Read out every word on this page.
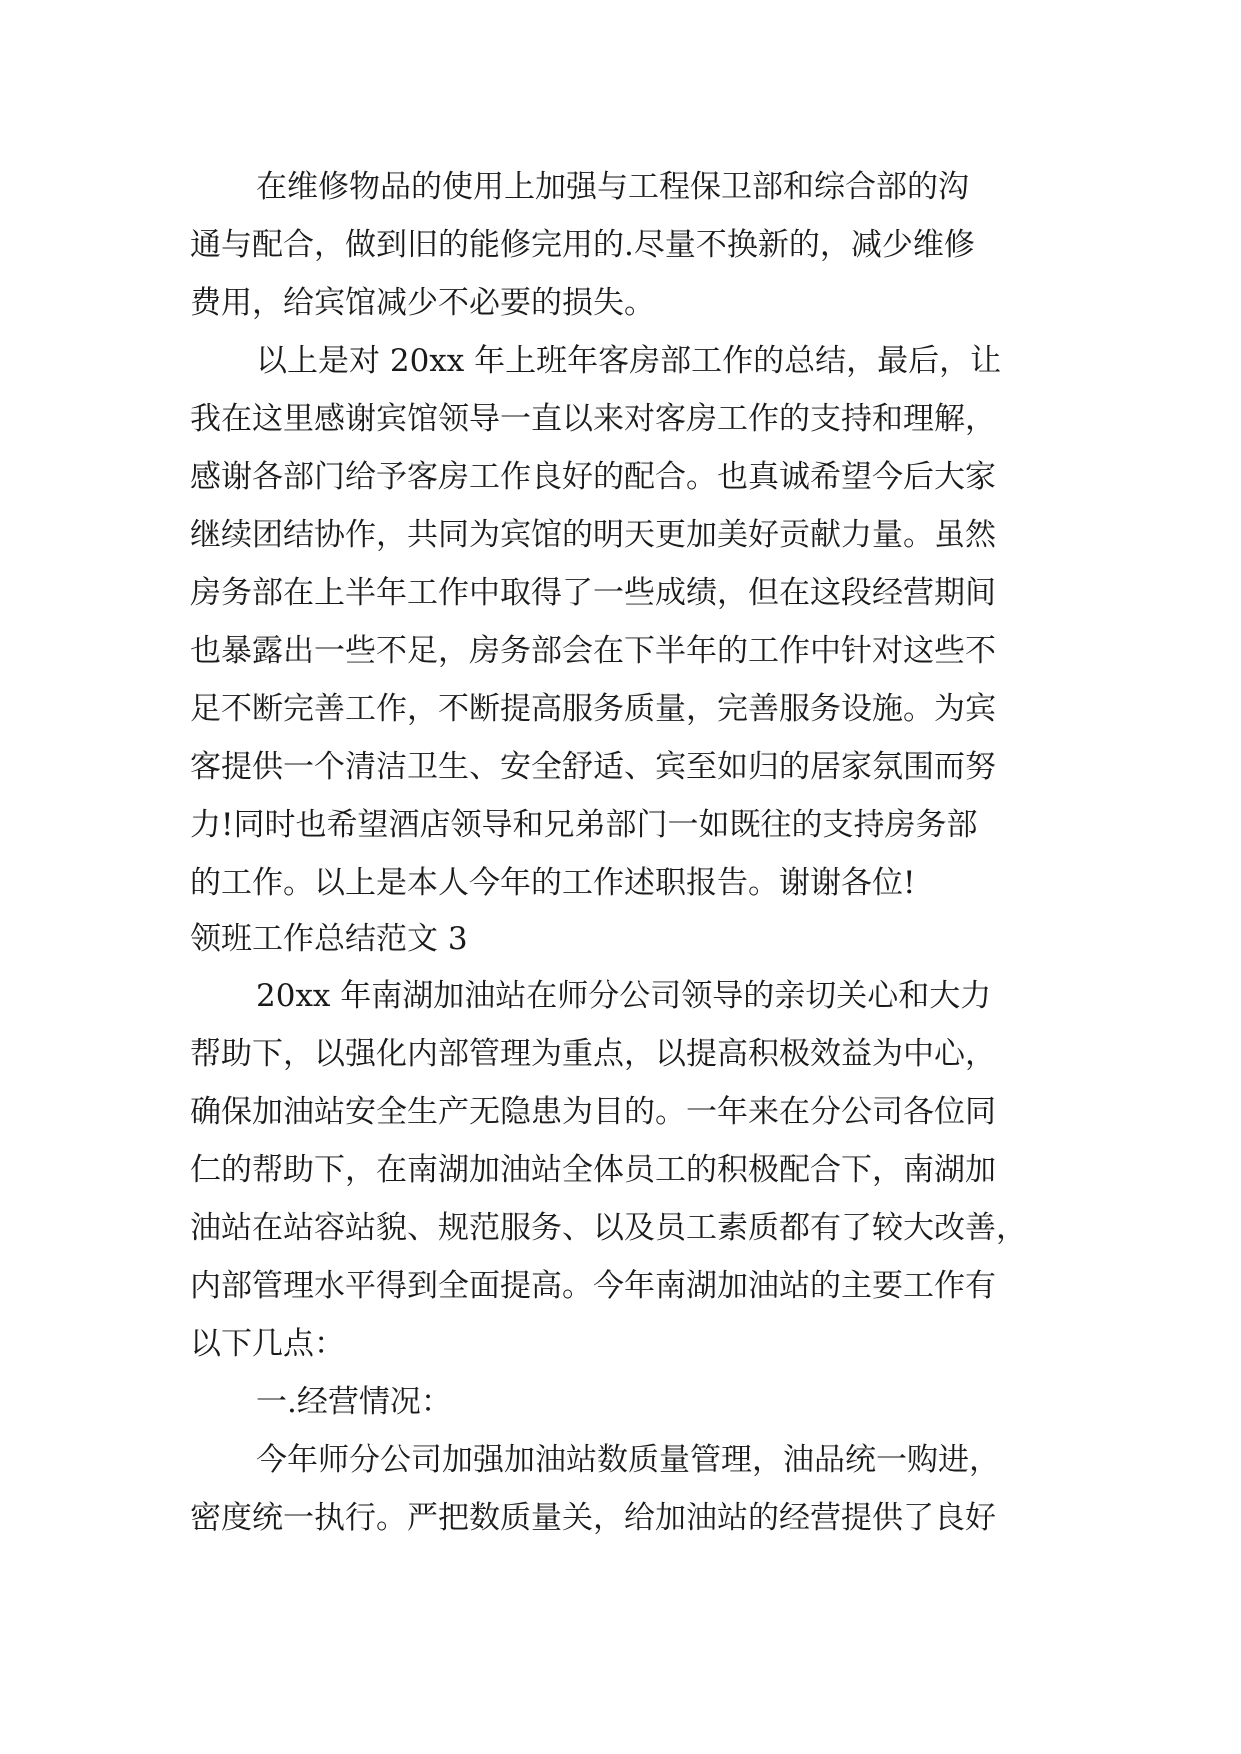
在维修物品的使用上加强与工程保卫部和综合部的沟
通与配合，做到旧的能修完用的.尽量不换新的，减少维修
费用，给宾馆减少不必要的损失。
以上是对 20xx 年上班年客房部工作的总结，最后，让
我在这里感谢宾馆领导一直以来对客房工作的支持和理解，
感谢各部门给予客房工作良好的配合。也真诚希望今后大家
继续团结协作，共同为宾馆的明天更加美好贡献力量。虽然
房务部在上半年工作中取得了一些成绩，但在这段经营期间
也暴露出一些不足，房务部会在下半年的工作中针对这些不
足不断完善工作，不断提高服务质量，完善服务设施。为宾
客提供一个清洁卫生、安全舒适、宾至如归的居家氛围而努
力!同时也希望酒店领导和兄弟部门一如既往的支持房务部
的工作。以上是本人今年的工作述职报告。谢谢各位!
领班工作总结范文 3
20xx 年南湖加油站在师分公司领导的亲切关心和大力
帮助下，以强化内部管理为重点，以提高积极效益为中心，
确保加油站安全生产无隐患为目的。一年来在分公司各位同
仁的帮助下，在南湖加油站全体员工的积极配合下，南湖加
油站在站容站貌、规范服务、以及员工素质都有了较大改善，
内部管理水平得到全面提高。今年南湖加油站的主要工作有
以下几点：
一.经营情况：
今年师分公司加强加油站数质量管理，油品统一购进，
密度统一执行。严把数质量关，给加油站的经营提供了良好
